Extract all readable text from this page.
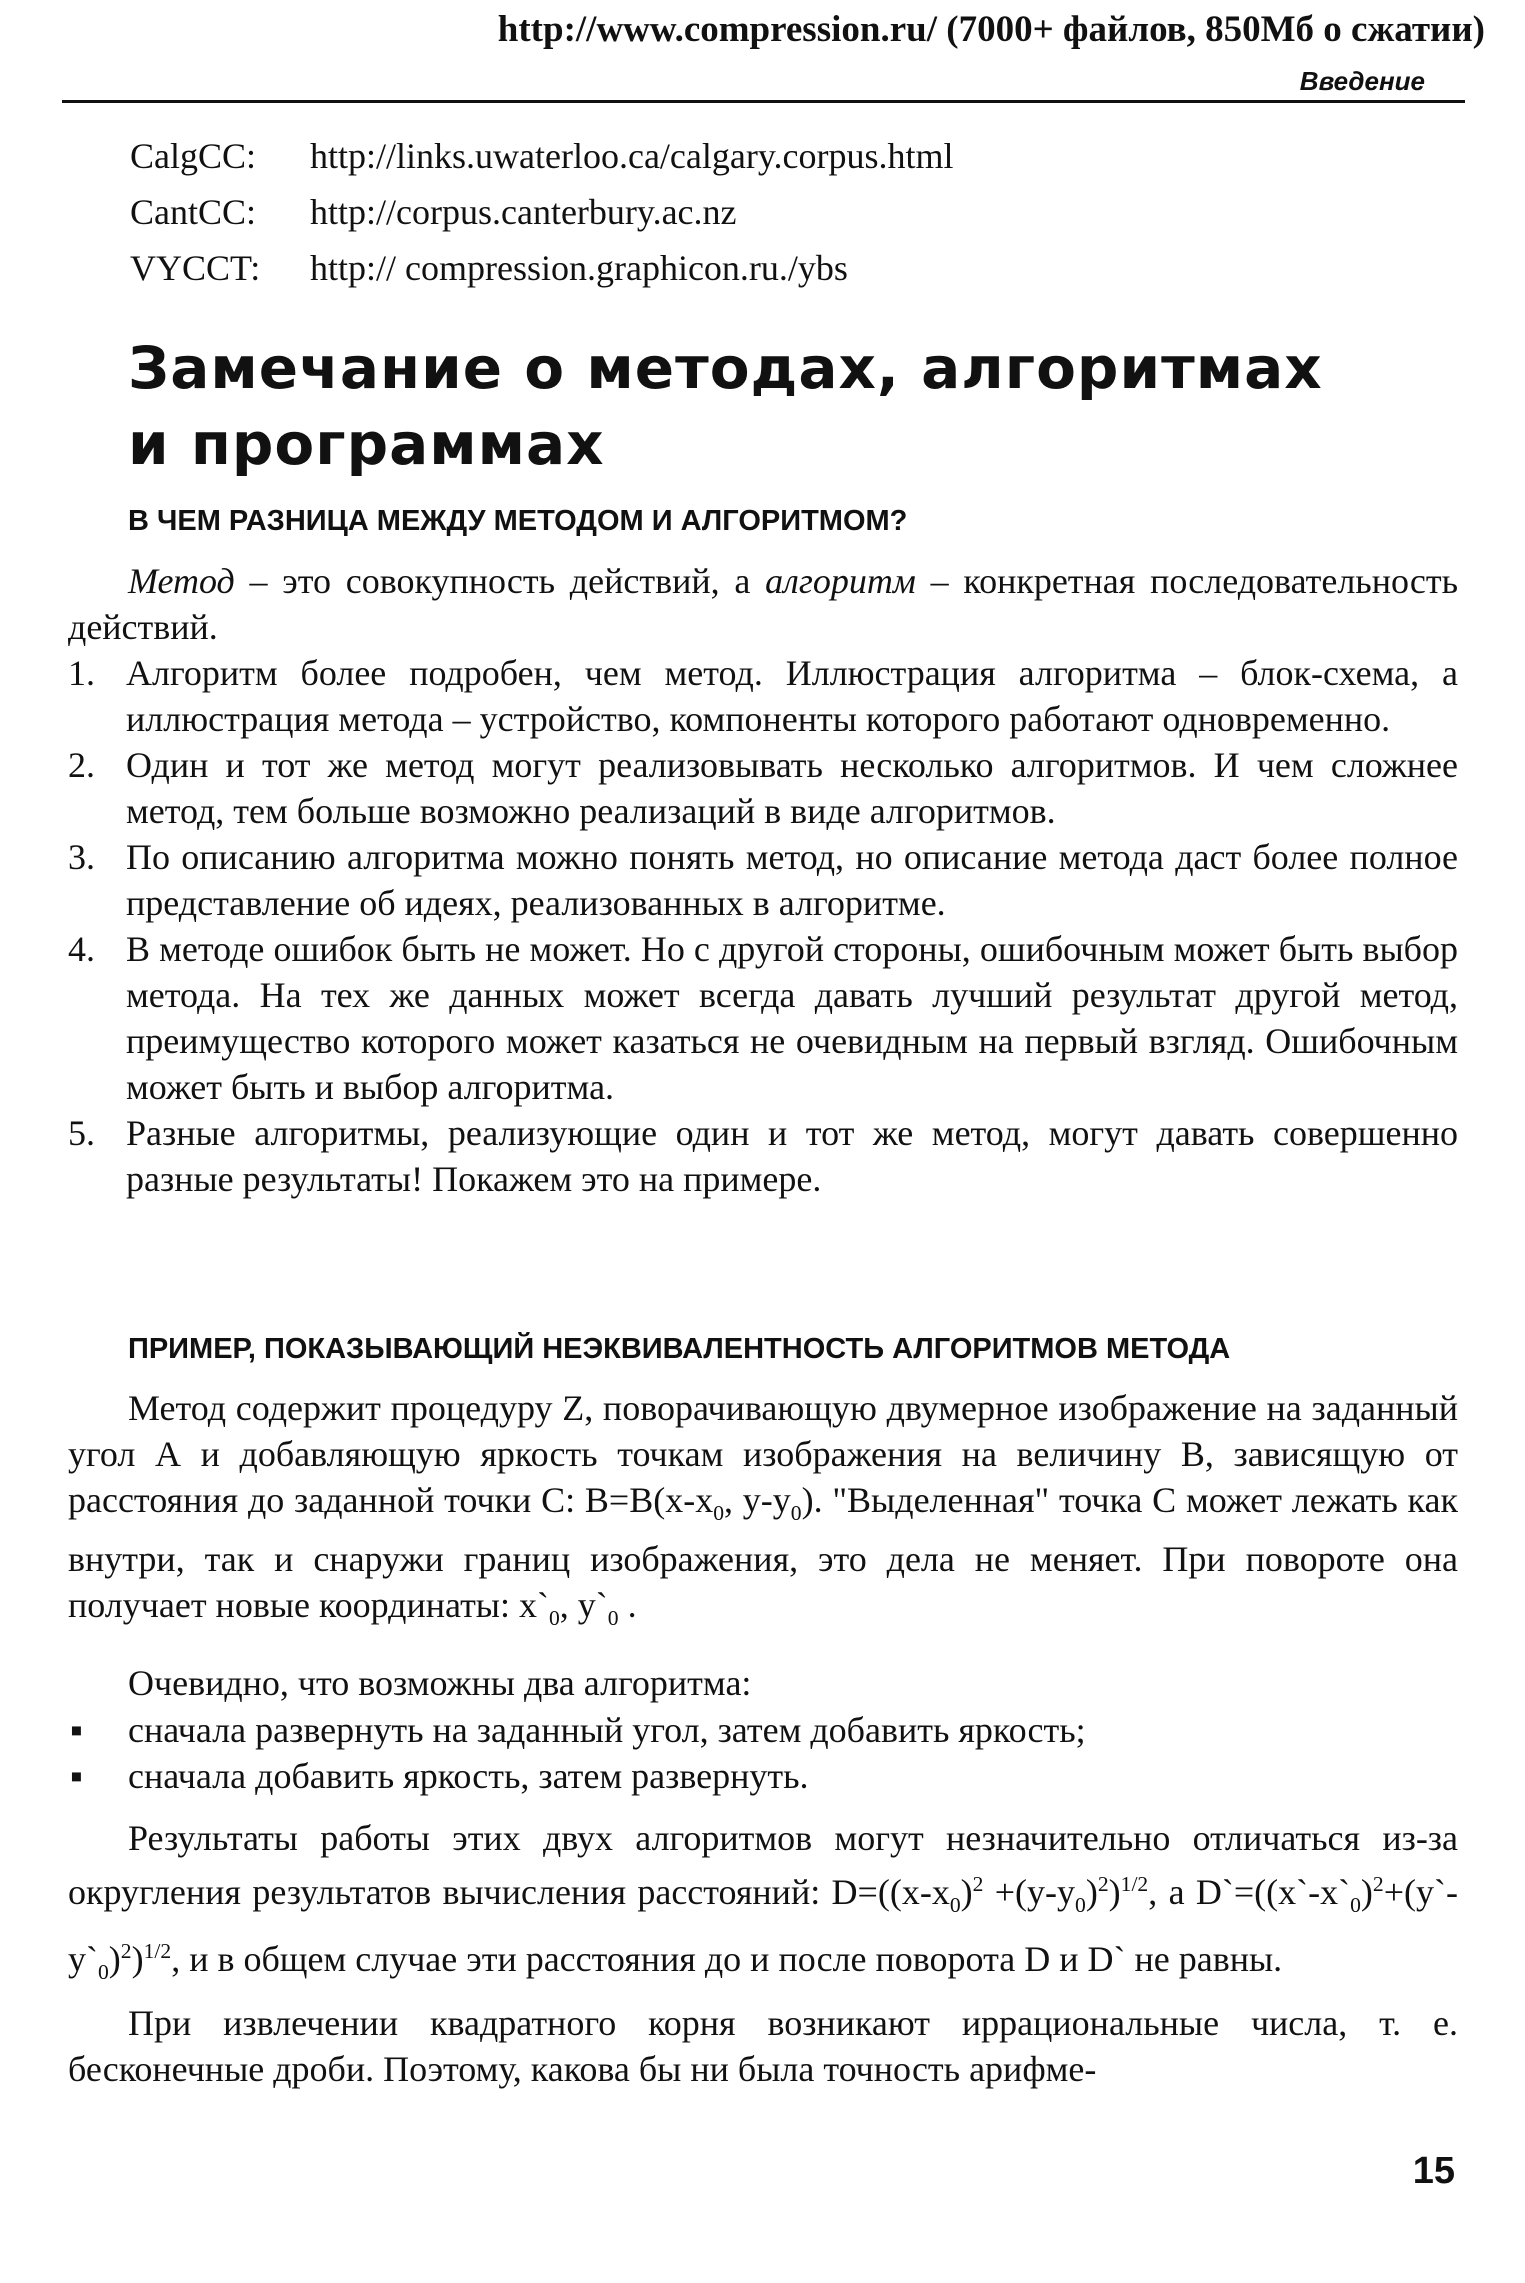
http://www.compression.ru/ (7000+ файлов, 850Мб о сжатии)
Введение
CalgCC:	http://links.uwaterloo.ca/calgary.corpus.html
CantCC:	http://corpus.canterbury.ac.nz
VYCCT:	http:// compression.graphicon.ru./ybs
Замечание о методах, алгоритмах
и программах
В ЧЕМ РАЗНИЦА МЕЖДУ МЕТОДОМ И АЛГОРИТМОМ?
Метод – это совокупность действий, а алгоритм – конкретная последовательность действий.
1. Алгоритм более подробен, чем метод. Иллюстрация алгоритма – блок-схема, а иллюстрация метода – устройство, компоненты которого работают одновременно.
2. Один и тот же метод могут реализовывать несколько алгоритмов. И чем сложнее метод, тем больше возможно реализаций в виде алгоритмов.
3. По описанию алгоритма можно понять метод, но описание метода даст более полное представление об идеях, реализованных в алгоритме.
4. В методе ошибок быть не может. Но с другой стороны, ошибочным может быть выбор метода. На тех же данных может всегда давать лучший результат другой метод, преимущество которого может казаться не очевидным на первый взгляд. Ошибочным может быть и выбор алгоритма.
5. Разные алгоритмы, реализующие один и тот же метод, могут давать совершенно разные результаты! Покажем это на примере.
ПРИМЕР, ПОКАЗЫВАЮЩИЙ НЕЭКВИВАЛЕНТНОСТЬ АЛГОРИТМОВ МЕТОДА
Метод содержит процедуру Z, поворачивающую двумерное изображение на заданный угол А и добавляющую яркость точкам изображения на величину В, зависящую от расстояния до заданной точки С: $В=В(х-х_0$, $у-у_0$). "Выделенная" точка С может лежать как внутри, так и снаружи границ изображения, это дела не меняет. При повороте она получает новые координаты: $х`_0$, $у`_0$ .
Очевидно, что возможны два алгоритма:
▪	сначала развернуть на заданный угол, затем добавить яркость;
▪	сначала добавить яркость, затем развернуть.
Результаты работы этих двух алгоритмов могут незначительно отличаться из-за округления результатов вычисления расстояний: $D=((x-x_0)^2 +(y-y_0)^2)^{1/2}$, а $D`=((x`-x`_0)^2+(y`-y`_0)^2)^{1/2}$, и в общем случае эти расстояния до и после поворота D и D` не равны.
При извлечении квадратного корня возникают иррациональные числа, т. е. бесконечные дроби. Поэтому, какова бы ни была точность арифме-
15
